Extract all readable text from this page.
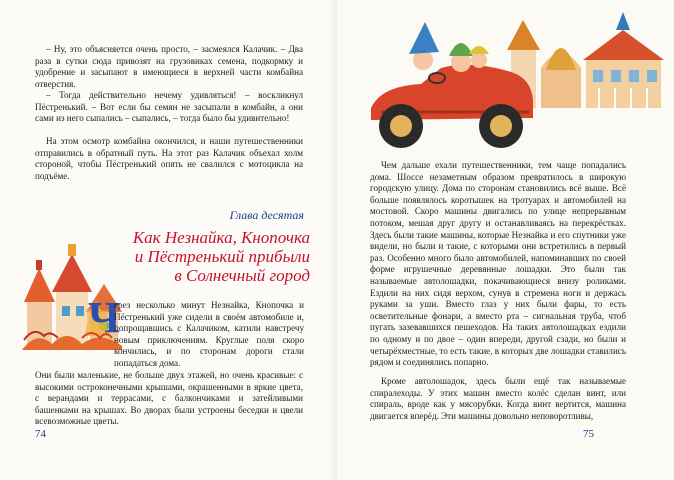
– Ну, это объясняется очень просто, – засмеялся Калачик. – Два раза в сутки сюда привозят на грузовиках семена, подкормку и удобрение и засыпают в имеющиеся в верхней части комбайна отверстия.

– Тогда действительно нечему удивляться! – воскликнул Пёстренький. – Вот если бы семян не засыпали в комбайн, а они сами из него сыпались – сыпались, – тогда было бы удивительно!

На этом осмотр комбайна окончился, и наши путешественники отправились в обратный путь. На этот раз Калачик объехал холм стороной, чтобы Пёстренький опять не свалился с мотоцикла на подъёме.

Глава десятая
Как Незнайка, Кнопочка
и Пёстренький прибыли
в Солнечный город
Ч

ерез несколько минут Незнайка, Кнопочка и Пёстренький уже сидели в своём автомобиле и, попрощавшись с Калачиком, катили навстречу новым приключениям. Круглые поля скоро кончились, и по сторонам дороги стали попадаться дома.

Они были маленькие, не больше двух этажей, но очень красивые: с высокими остроконечными крышами, окрашенными в яркие цвета, с верандами и террасами, с балкончиками и затейливыми башенками на крышах. Во дворах были устроены беседки и цвели всевозможные цветы.

74

Чем дальше ехали путешественники, тем чаще попадались дома. Шоссе незаметным образом превратилось в широкую городскую улицу. Дома по сторонам становились всё выше. Всё больше появлялось коротышек на тротуарах и автомобилей на мостовой. Скоро машины двигались по улице непрерывным потоком, мешая друг другу и останавливаясь на перекрёстках. Здесь были такие машины, которые Незнайка и его спутники уже видели, но были и такие, с которыми они встретились в первый раз. Особенно много было автомобилей, напоминавших по своей форме игрушечные деревянные лошадки. Это были так называемые автолошадки, покачивающиеся внизу роликами. Ездили на них сидя верхом, сунув в стремена ноги и держась руками за уши. Вместо глаз у них были фары, то есть осветительные фонари, а вместо рта – сигнальная труба, чтоб пугать зазевавшихся пешеходов. На таких автолошадках ездили по одному и по двое – один впереди, другой сзади, но были и четырёхместные, то есть такие, в которых две лошадки ставились рядом и соединялись попарно.

Кроме автолошадок, здесь были ещё так называемые спиралеходы. У этих машин вместо колёс сделан винт, или спираль, вроде как у мясорубки. Когда винт вертится, машина двигается вперёд. Эти машины довольно неповоротливы,

75
